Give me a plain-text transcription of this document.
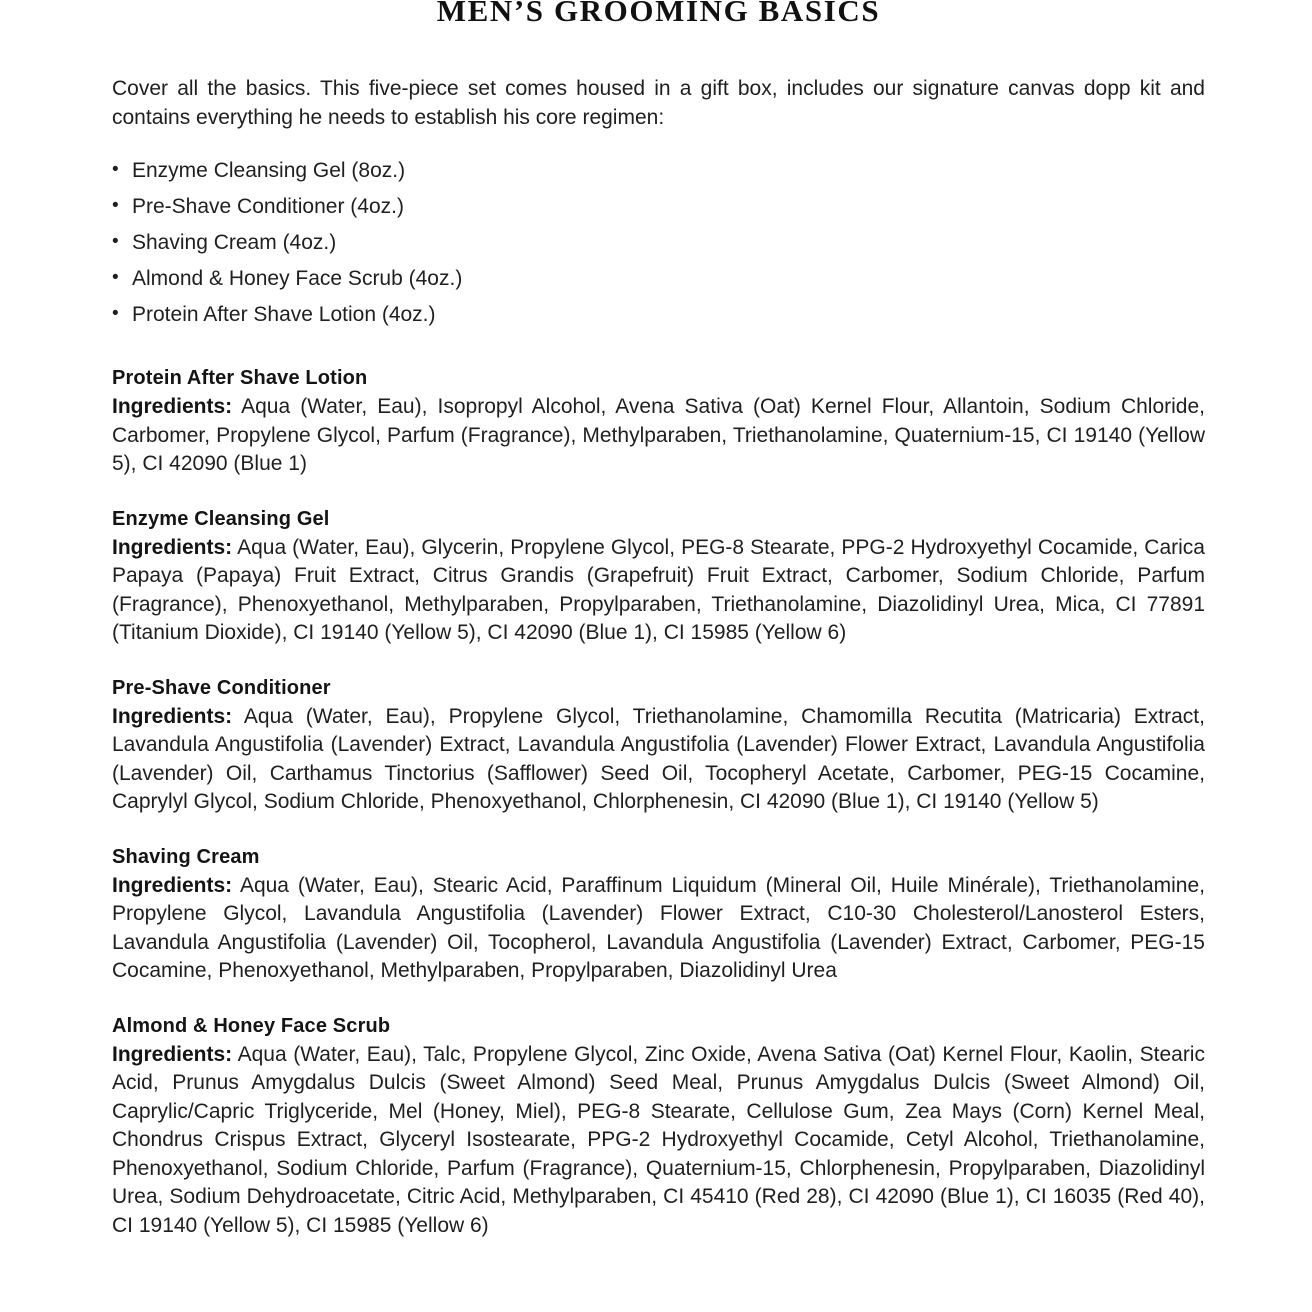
MEN’S GROOMING BASICS

Cover all the basics. This five-piece set comes housed in a gift box, includes our signature canvas dopp kit and contains everything he needs to establish his core regimen:

• Enzyme Cleansing Gel (8oz.)
• Pre-Shave Conditioner (4oz.)
• Shaving Cream (4oz.)
• Almond & Honey Face Scrub (4oz.)
• Protein After Shave Lotion (4oz.)
Protein After Shave Lotion

Ingredients: Aqua (Water, Eau), Isopropyl Alcohol, Avena Sativa (Oat) Kernel Flour, Allantoin, Sodium Chloride, Carbomer, Propylene Glycol, Parfum (Fragrance), Methylparaben, Triethanolamine, Quaternium-15, CI 19140 (Yellow 5), CI 42090 (Blue 1)

Enzyme Cleansing Gel

Ingredients: Aqua (Water, Eau), Glycerin, Propylene Glycol, PEG-8 Stearate, PPG-2 Hydroxyethyl Cocamide, Carica Papaya (Papaya) Fruit Extract, Citrus Grandis (Grapefruit) Fruit Extract, Carbomer, Sodium Chloride, Parfum (Fragrance), Phenoxyethanol, Methylparaben, Propylparaben, Triethanolamine, Diazolidinyl Urea, Mica, CI 77891 (Titanium Dioxide), CI 19140 (Yellow 5), CI 42090 (Blue 1), CI 15985 (Yellow 6)

Pre-Shave Conditioner

Ingredients: Aqua (Water, Eau), Propylene Glycol, Triethanolamine, Chamomilla Recutita (Matricaria) Extract, Lavandula Angustifolia (Lavender) Extract, Lavandula Angustifolia (Lavender) Flower Extract, Lavandula Angustifolia (Lavender) Oil, Carthamus Tinctorius (Safflower) Seed Oil, Tocopheryl Acetate, Carbomer, PEG-15 Cocamine, Caprylyl Glycol, Sodium Chloride, Phenoxyethanol, Chlorphenesin, CI 42090 (Blue 1), CI 19140 (Yellow 5)

Shaving Cream

Ingredients: Aqua (Water, Eau), Stearic Acid, Paraffinum Liquidum (Mineral Oil, Huile Minérale), Triethanolamine, Propylene Glycol, Lavandula Angustifolia (Lavender) Flower Extract, C10-30 Cholesterol/Lanosterol Esters, Lavandula Angustifolia (Lavender) Oil, Tocopherol, Lavandula Angustifolia (Lavender) Extract, Carbomer, PEG-15 Cocamine, Phenoxyethanol, Methylparaben, Propylparaben, Diazolidinyl Urea

Almond & Honey Face Scrub

Ingredients: Aqua (Water, Eau), Talc, Propylene Glycol, Zinc Oxide, Avena Sativa (Oat) Kernel Flour, Kaolin, Stearic Acid, Prunus Amygdalus Dulcis (Sweet Almond) Seed Meal, Prunus Amygdalus Dulcis (Sweet Almond) Oil, Caprylic/Capric Triglyceride, Mel (Honey, Miel), PEG-8 Stearate, Cellulose Gum, Zea Mays (Corn) Kernel Meal, Chondrus Crispus Extract, Glyceryl Isostearate, PPG-2 Hydroxyethyl Cocamide, Cetyl Alcohol, Triethanolamine, Phenoxyethanol, Sodium Chloride, Parfum (Fragrance), Quaternium-15, Chlorphenesin, Propylparaben, Diazolidinyl Urea, Sodium Dehydroacetate, Citric Acid, Methylparaben, CI 45410 (Red 28), CI 42090 (Blue 1), CI 16035 (Red 40), CI 19140 (Yellow 5), CI 15985 (Yellow 6)
